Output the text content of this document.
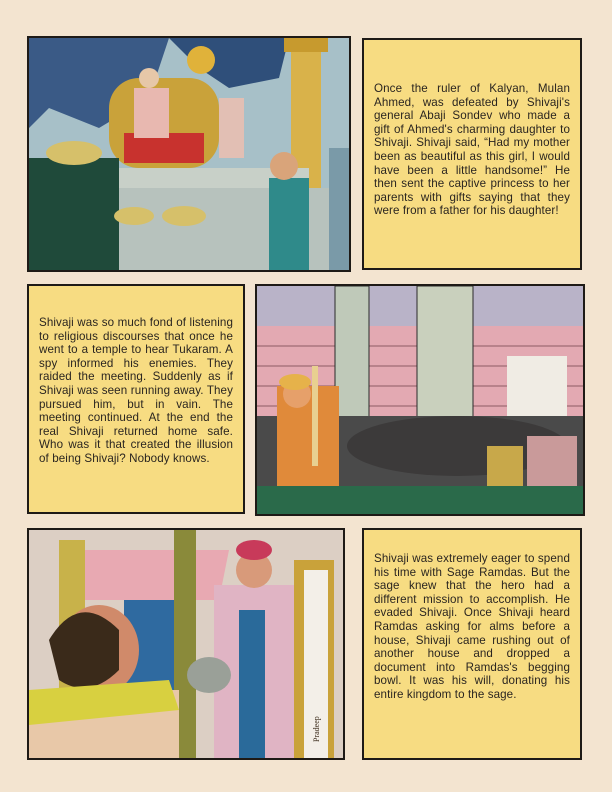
Once the ruler of Kalyan, Mulan Ahmed, was defeated by Shivaji's general Abaji Sondev who made a gift of Ahmed's charming daughter to Shivaji. Shivaji said, “Had my mother been as beautiful as this girl, I would have been a little handsome!” He then sent the captive princess to her parents with gifts saying that they were from a father for his daughter!
Shivaji was so much fond of listening to religious discourses that once he went to a temple to hear Tukaram. A spy informed his enemies. They raided the meeting. Suddenly as if Shivaji was seen running away. They pursued him, but in vain. The meeting continued. At the end the real Shivaji returned home safe. Who was it that created the illusion of being Shivaji? Nobody knows.
Pradeep
Shivaji was extremely eager to spend his time with Sage Ramdas. But the sage knew that the hero had a different mission to accomplish. He evaded Shivaji. Once Shivaji heard Ramdas asking for alms before a house, Shivaji came rushing out of another house and dropped a document into Ramdas's begging bowl. It was his will, donating his entire kingdom to the sage.
